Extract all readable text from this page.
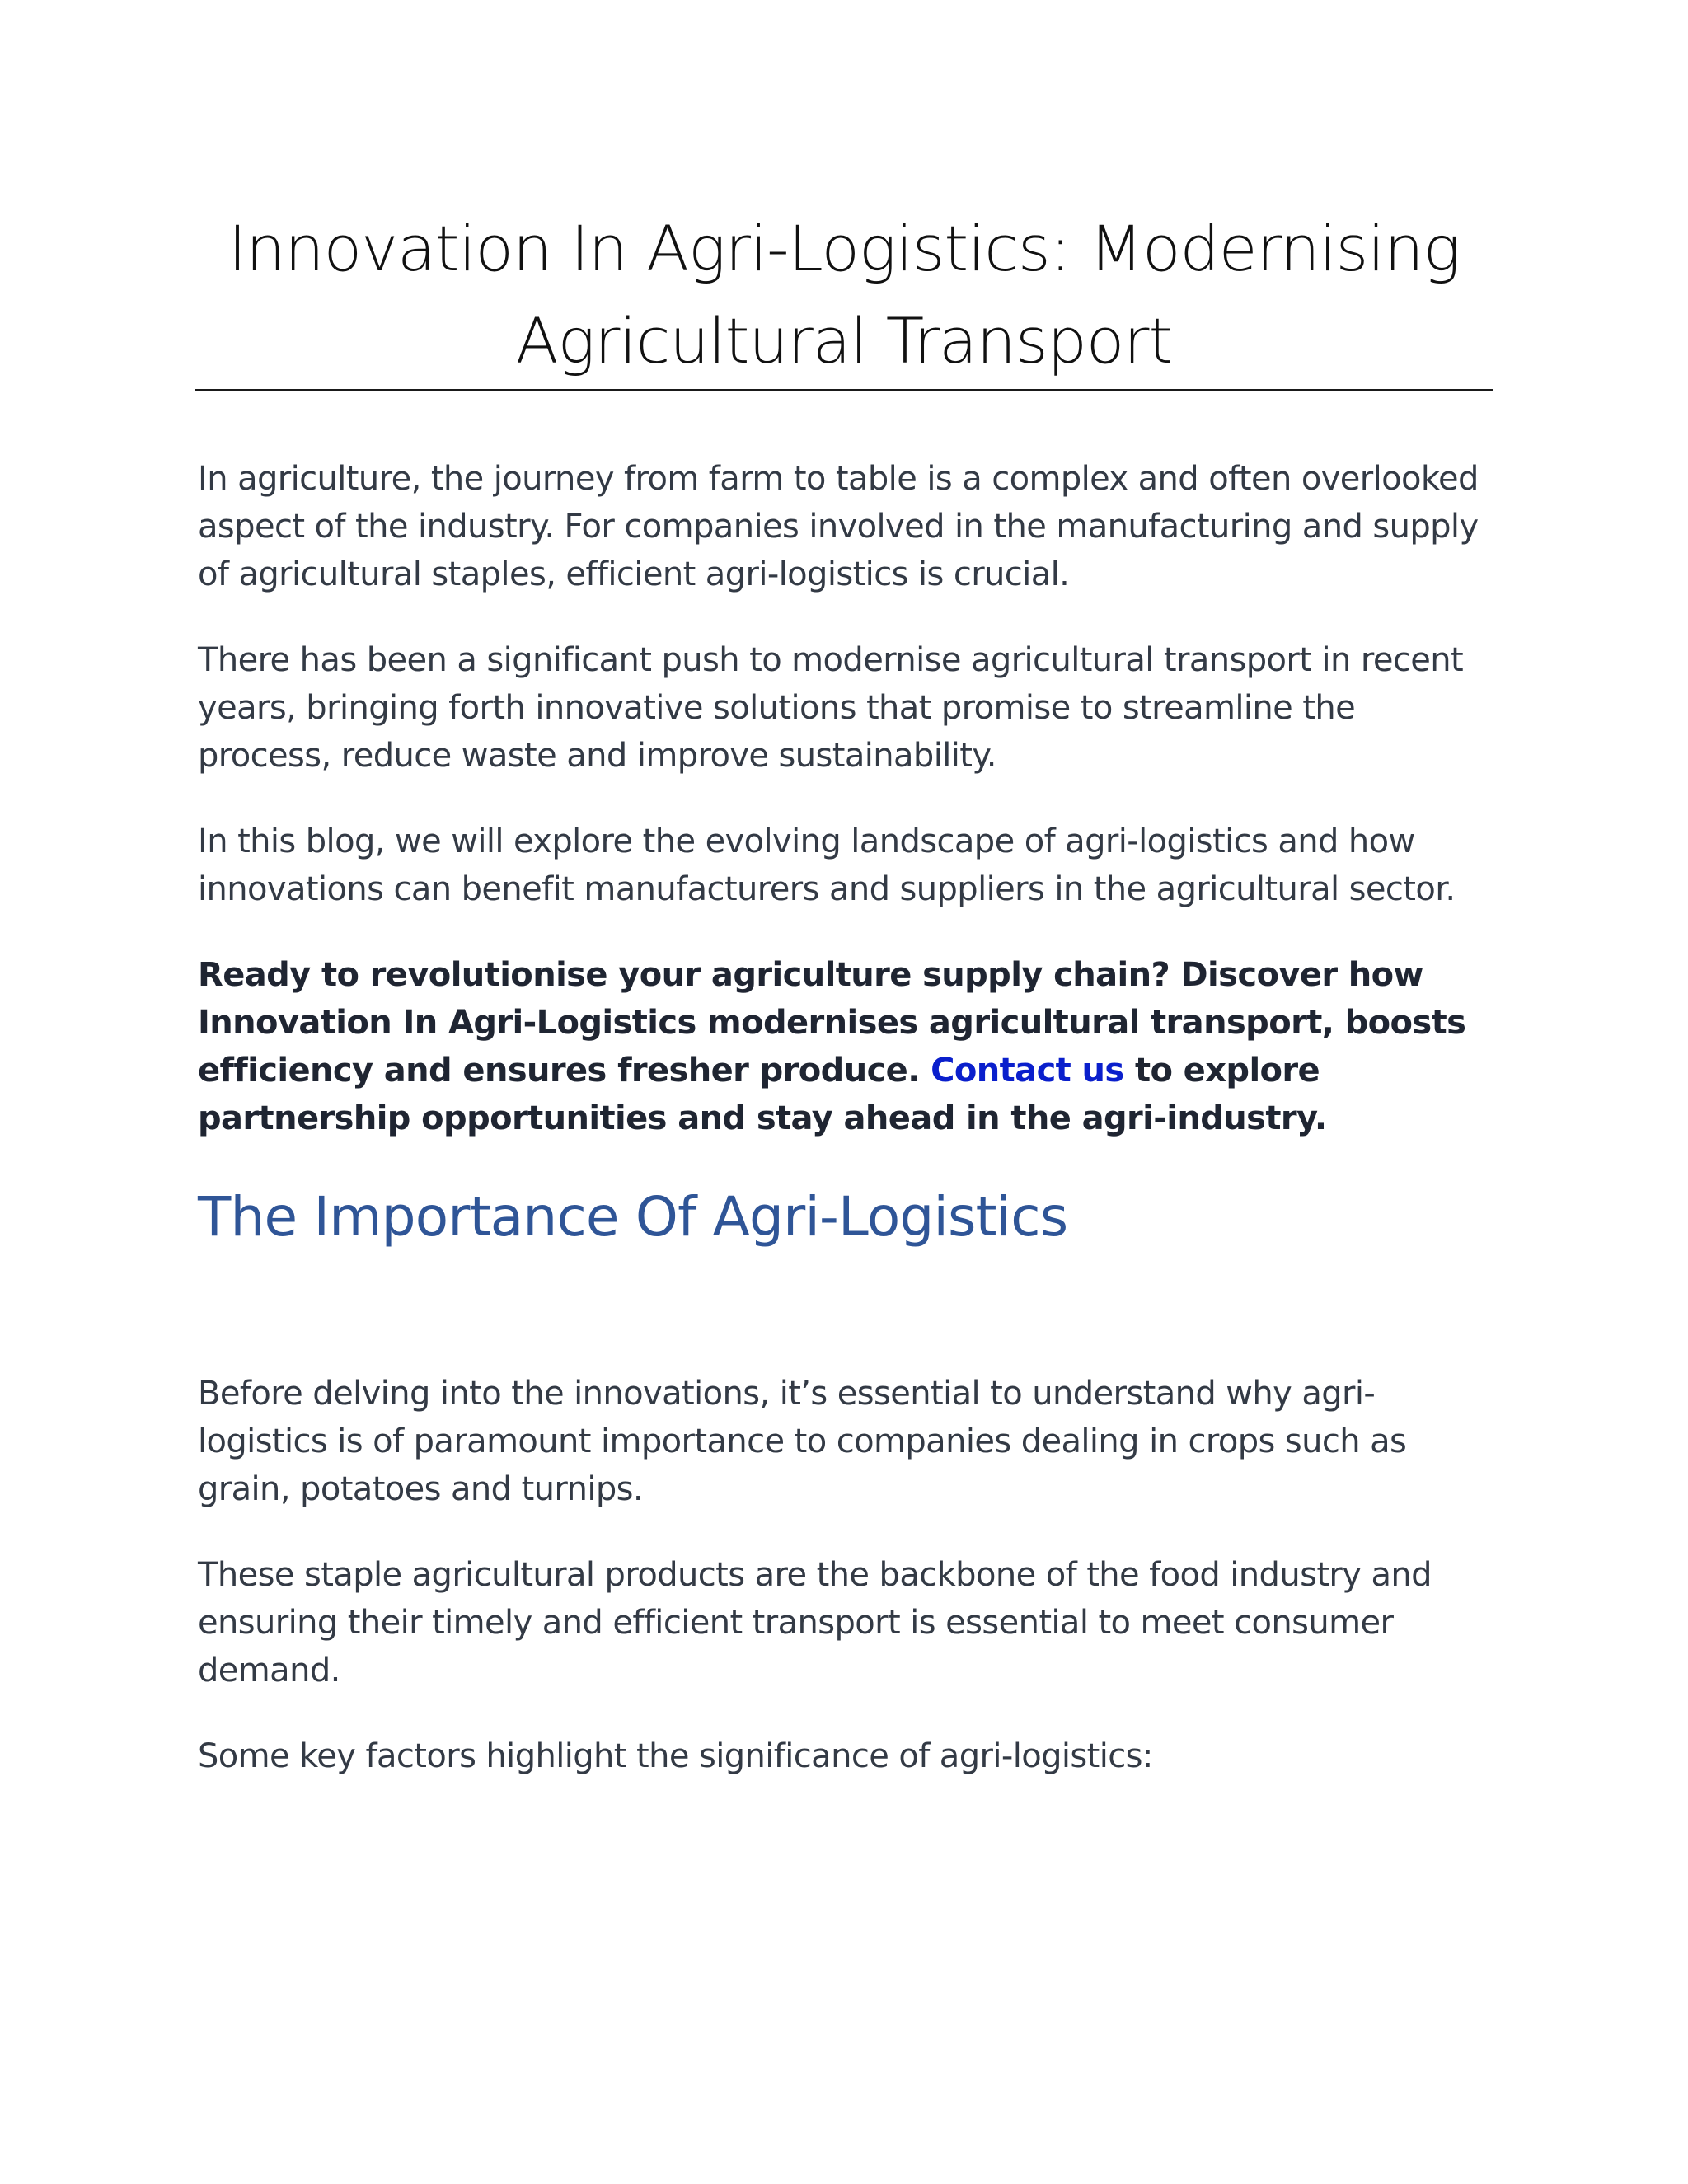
Innovation In Agri-Logistics: Modernising
Agricultural Transport

In agriculture, the journey from farm to table is a complex and often overlooked aspect of the industry. For companies involved in the manufacturing and supply of agricultural staples, efficient agri-logistics is crucial.

There has been a significant push to modernise agricultural transport in recent years, bringing forth innovative solutions that promise to streamline the process, reduce waste and improve sustainability.

In this blog, we will explore the evolving landscape of agri-logistics and how innovations can benefit manufacturers and suppliers in the agricultural sector.

Ready to revolutionise your agriculture supply chain? Discover how Innovation In Agri-Logistics modernises agricultural transport, boosts efficiency and ensures fresher produce. Contact us to explore partnership opportunities and stay ahead in the agri-industry.

The Importance Of Agri-Logistics

Before delving into the innovations, it’s essential to understand why agri-logistics is of paramount importance to companies dealing in crops such as grain, potatoes and turnips.

These staple agricultural products are the backbone of the food industry and ensuring their timely and efficient transport is essential to meet consumer demand.

Some key factors highlight the significance of agri-logistics:
